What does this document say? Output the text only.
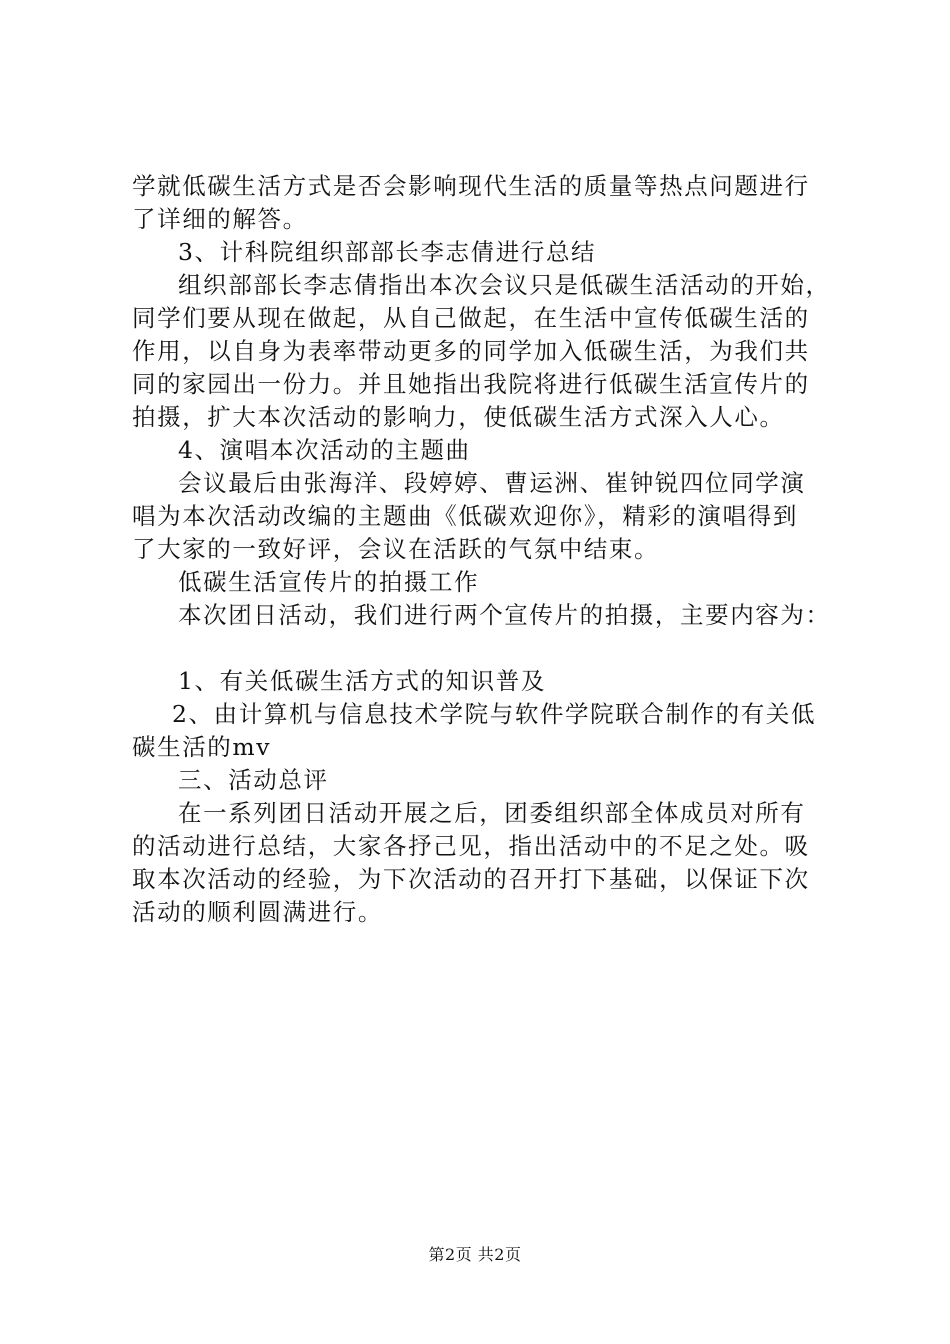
学就低碳生活方式是否会影响现代生活的质量等热点问题进行
了详细的解答。
3、计科院组织部部长李志倩进行总结
组织部部长李志倩指出本次会议只是低碳生活活动的开始，
同学们要从现在做起，从自己做起，在生活中宣传低碳生活的
作用，以自身为表率带动更多的同学加入低碳生活，为我们共
同的家园出一份力。并且她指出我院将进行低碳生活宣传片的
拍摄，扩大本次活动的影响力，使低碳生活方式深入人心。
4、演唱本次活动的主题曲
会议最后由张海洋、段婷婷、曹运洲、崔钟锐四位同学演
唱为本次活动改编的主题曲《低碳欢迎你》，精彩的演唱得到
了大家的一致好评，会议在活跃的气氛中结束。
低碳生活宣传片的拍摄工作
本次团日活动，我们进行两个宣传片的拍摄，主要内容为：
1、有关低碳生活方式的知识普及
2、由计算机与信息技术学院与软件学院联合制作的有关低
碳生活的mv
三、活动总评
在一系列团日活动开展之后，团委组织部全体成员对所有
的活动进行总结，大家各抒己见，指出活动中的不足之处。吸
取本次活动的经验，为下次活动的召开打下基础，以保证下次
活动的顺利圆满进行。
第2页 共2页
